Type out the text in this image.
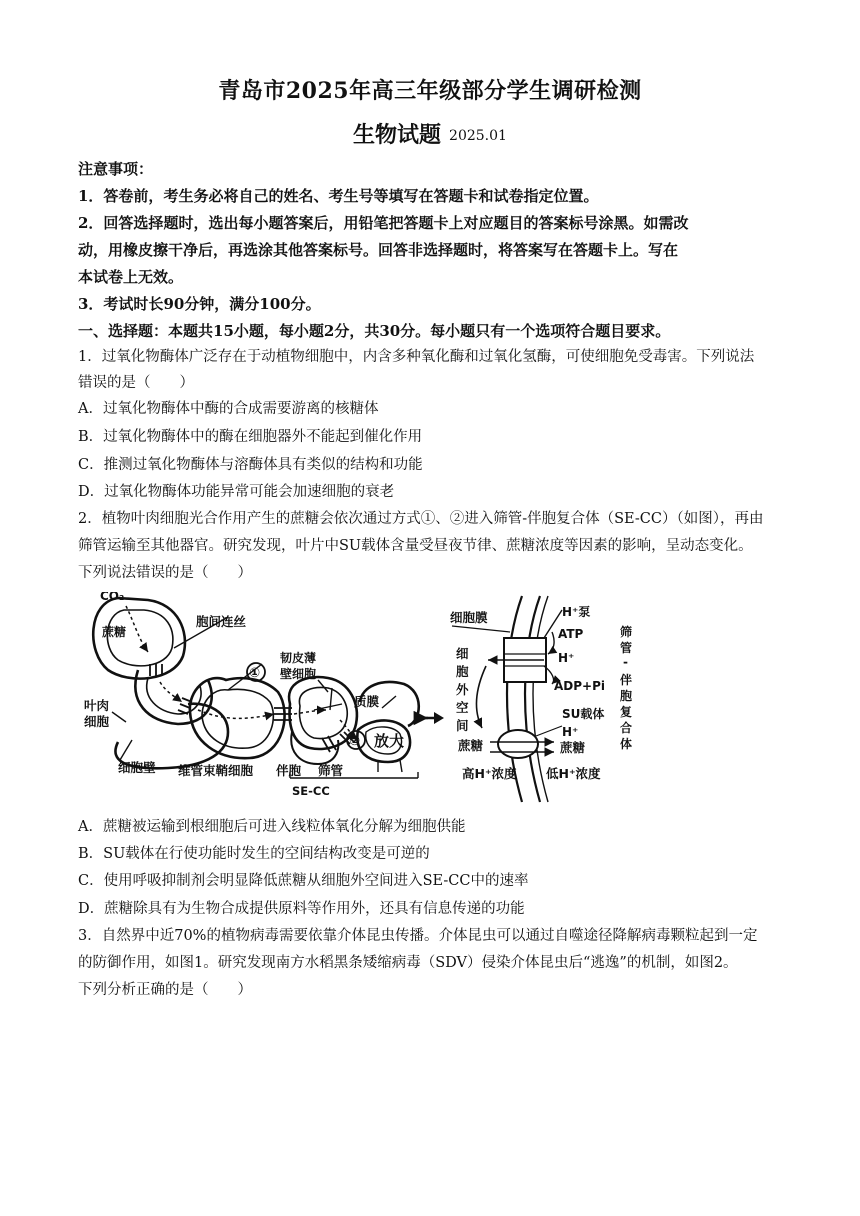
青岛市2025年高三年级部分学生调研检测
生物试题 2025.01
注意事项：
1．答卷前，考生务必将自己的姓名、考生号等填写在答题卡和试卷指定位置。
2．回答选择题时，选出每小题答案后，用铅笔把答题卡上对应题目的答案标号涂黑。如需改
动，用橡皮擦干净后，再选涂其他答案标号。回答非选择题时，将答案写在答题卡上。写在
本试卷上无效。
3．考试时长90分钟，满分100分。
一、选择题：本题共15小题，每小题2分，共30分。每小题只有一个选项符合题目要求。
1．过氧化物酶体广泛存在于动植物细胞中，内含多种氧化酶和过氧化氢酶，可使细胞免受毒害。下列说法
错误的是（　　）
A．过氧化物酶体中酶的合成需要游离的核糖体
B．过氧化物酶体中的酶在细胞器外不能起到催化作用
C．推测过氧化物酶体与溶酶体具有类似的结构和功能
D．过氧化物酶体功能异常可能会加速细胞的衰老
2．植物叶肉细胞光合作用产生的蔗糖会依次通过方式①、②进入筛管-伴胞复合体（SE-CC）（如图），再由
筛管运输至其他器官。研究发现，叶片中SU载体含量受昼夜节律、蔗糖浓度等因素的影响，呈动态变化。
下列说法错误的是（　　）
CO₂
蔗糖
胞间连丝
①
韧皮薄
壁细胞
质膜
叶肉
细胞
② 放大
细胞壁 维管束鞘细胞 伴胞 筛管
SE-CC
细胞膜	H⁺泵
ATP
H⁺
ADP+Pi
细
胞
外
空
间
筛
管
-
伴
胞
复
合
体
SU载体
H⁺
蔗糖	蔗糖
高H⁺浓度 低H⁺浓度
A．蔗糖被运输到根细胞后可进入线粒体氧化分解为细胞供能
B．SU载体在行使功能时发生的空间结构改变是可逆的
C．使用呼吸抑制剂会明显降低蔗糖从细胞外空间进入SE-CC中的速率
D．蔗糖除具有为生物合成提供原料等作用外，还具有信息传递的功能
3．自然界中近70%的植物病毒需要依靠介体昆虫传播。介体昆虫可以通过自噬途径降解病毒颗粒起到一定
的防御作用，如图1。研究发现南方水稻黑条矮缩病毒（SDV）侵染介体昆虫后“逃逸”的机制，如图2。
下列分析正确的是（　　）
